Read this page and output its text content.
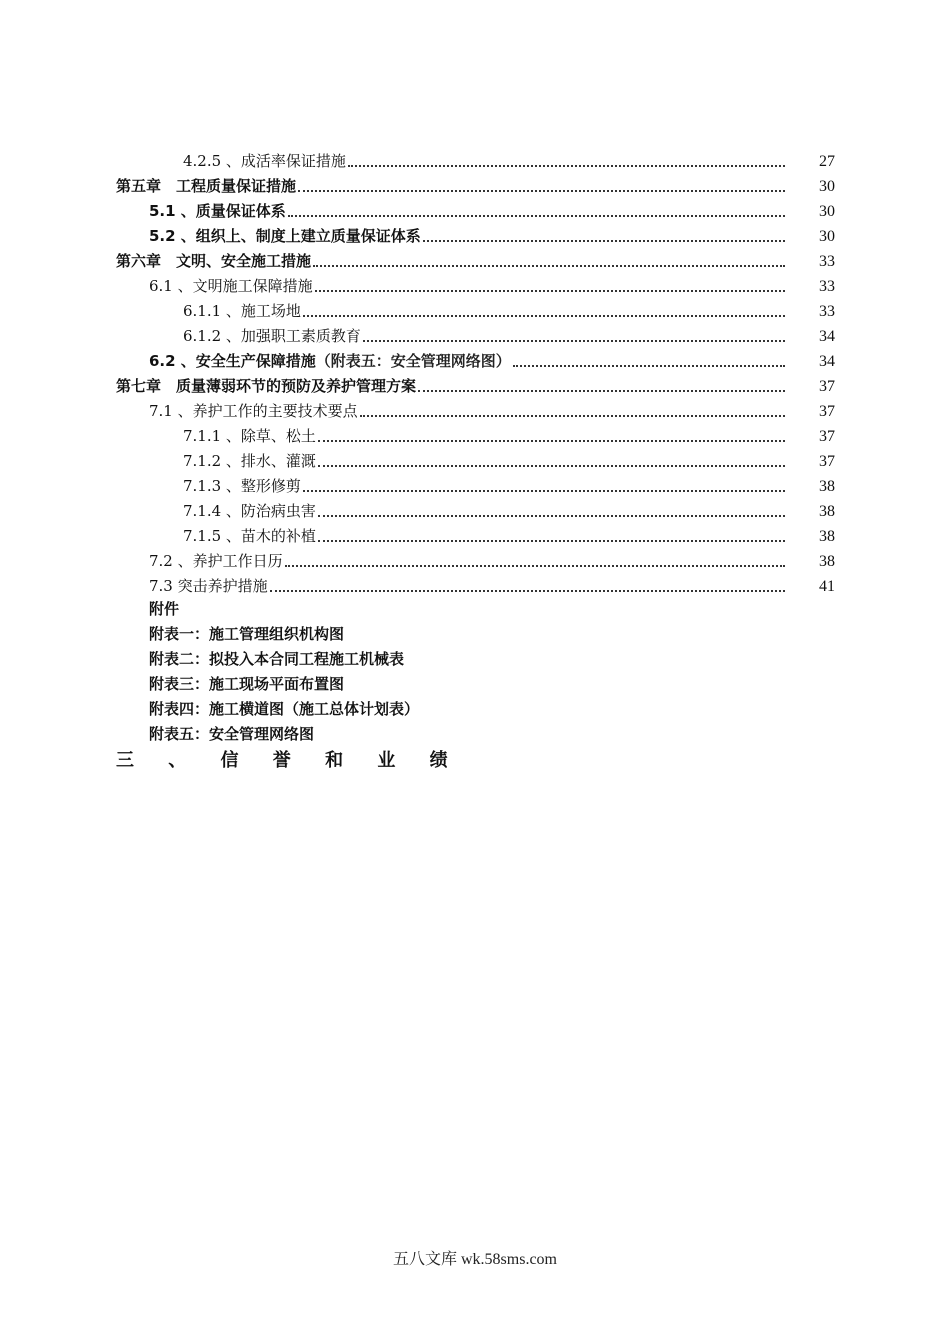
4.2.5 、成活率保证措施	27
第五章　工程质量保证措施	30
5.1 、质量保证体系	30
5.2 、组织上、制度上建立质量保证体系	30
第六章　文明、安全施工措施	33
6.1 、文明施工保障措施	33
6.1.1 、施工场地	33
6.1.2 、加强职工素质教育	34
6.2 、安全生产保障措施 （附表五：安全管理网络图）	34
第七章　质量薄弱环节的预防及养护管理方案	37
7.1 、养护工作的主要技术要点	37
7.1.1 、除草、松土	37
7.1.2 、排水、灌溉	37
7.1.3 、整形修剪	38
7.1.4 、防治病虫害	38
7.1.5 、苗木的补植	38
7.2 、养护工作日历	38
7.3 突击养护措施	41
附件
附表一：施工管理组织机构图
附表二：拟投入本合同工程施工机械表
附表三：施工现场平面布置图
附表四：施工横道图（施工总体计划表）
附表五：安全管理网络图
三 、 信 誉 和 业 绩
五八文库 wk.58sms.com
